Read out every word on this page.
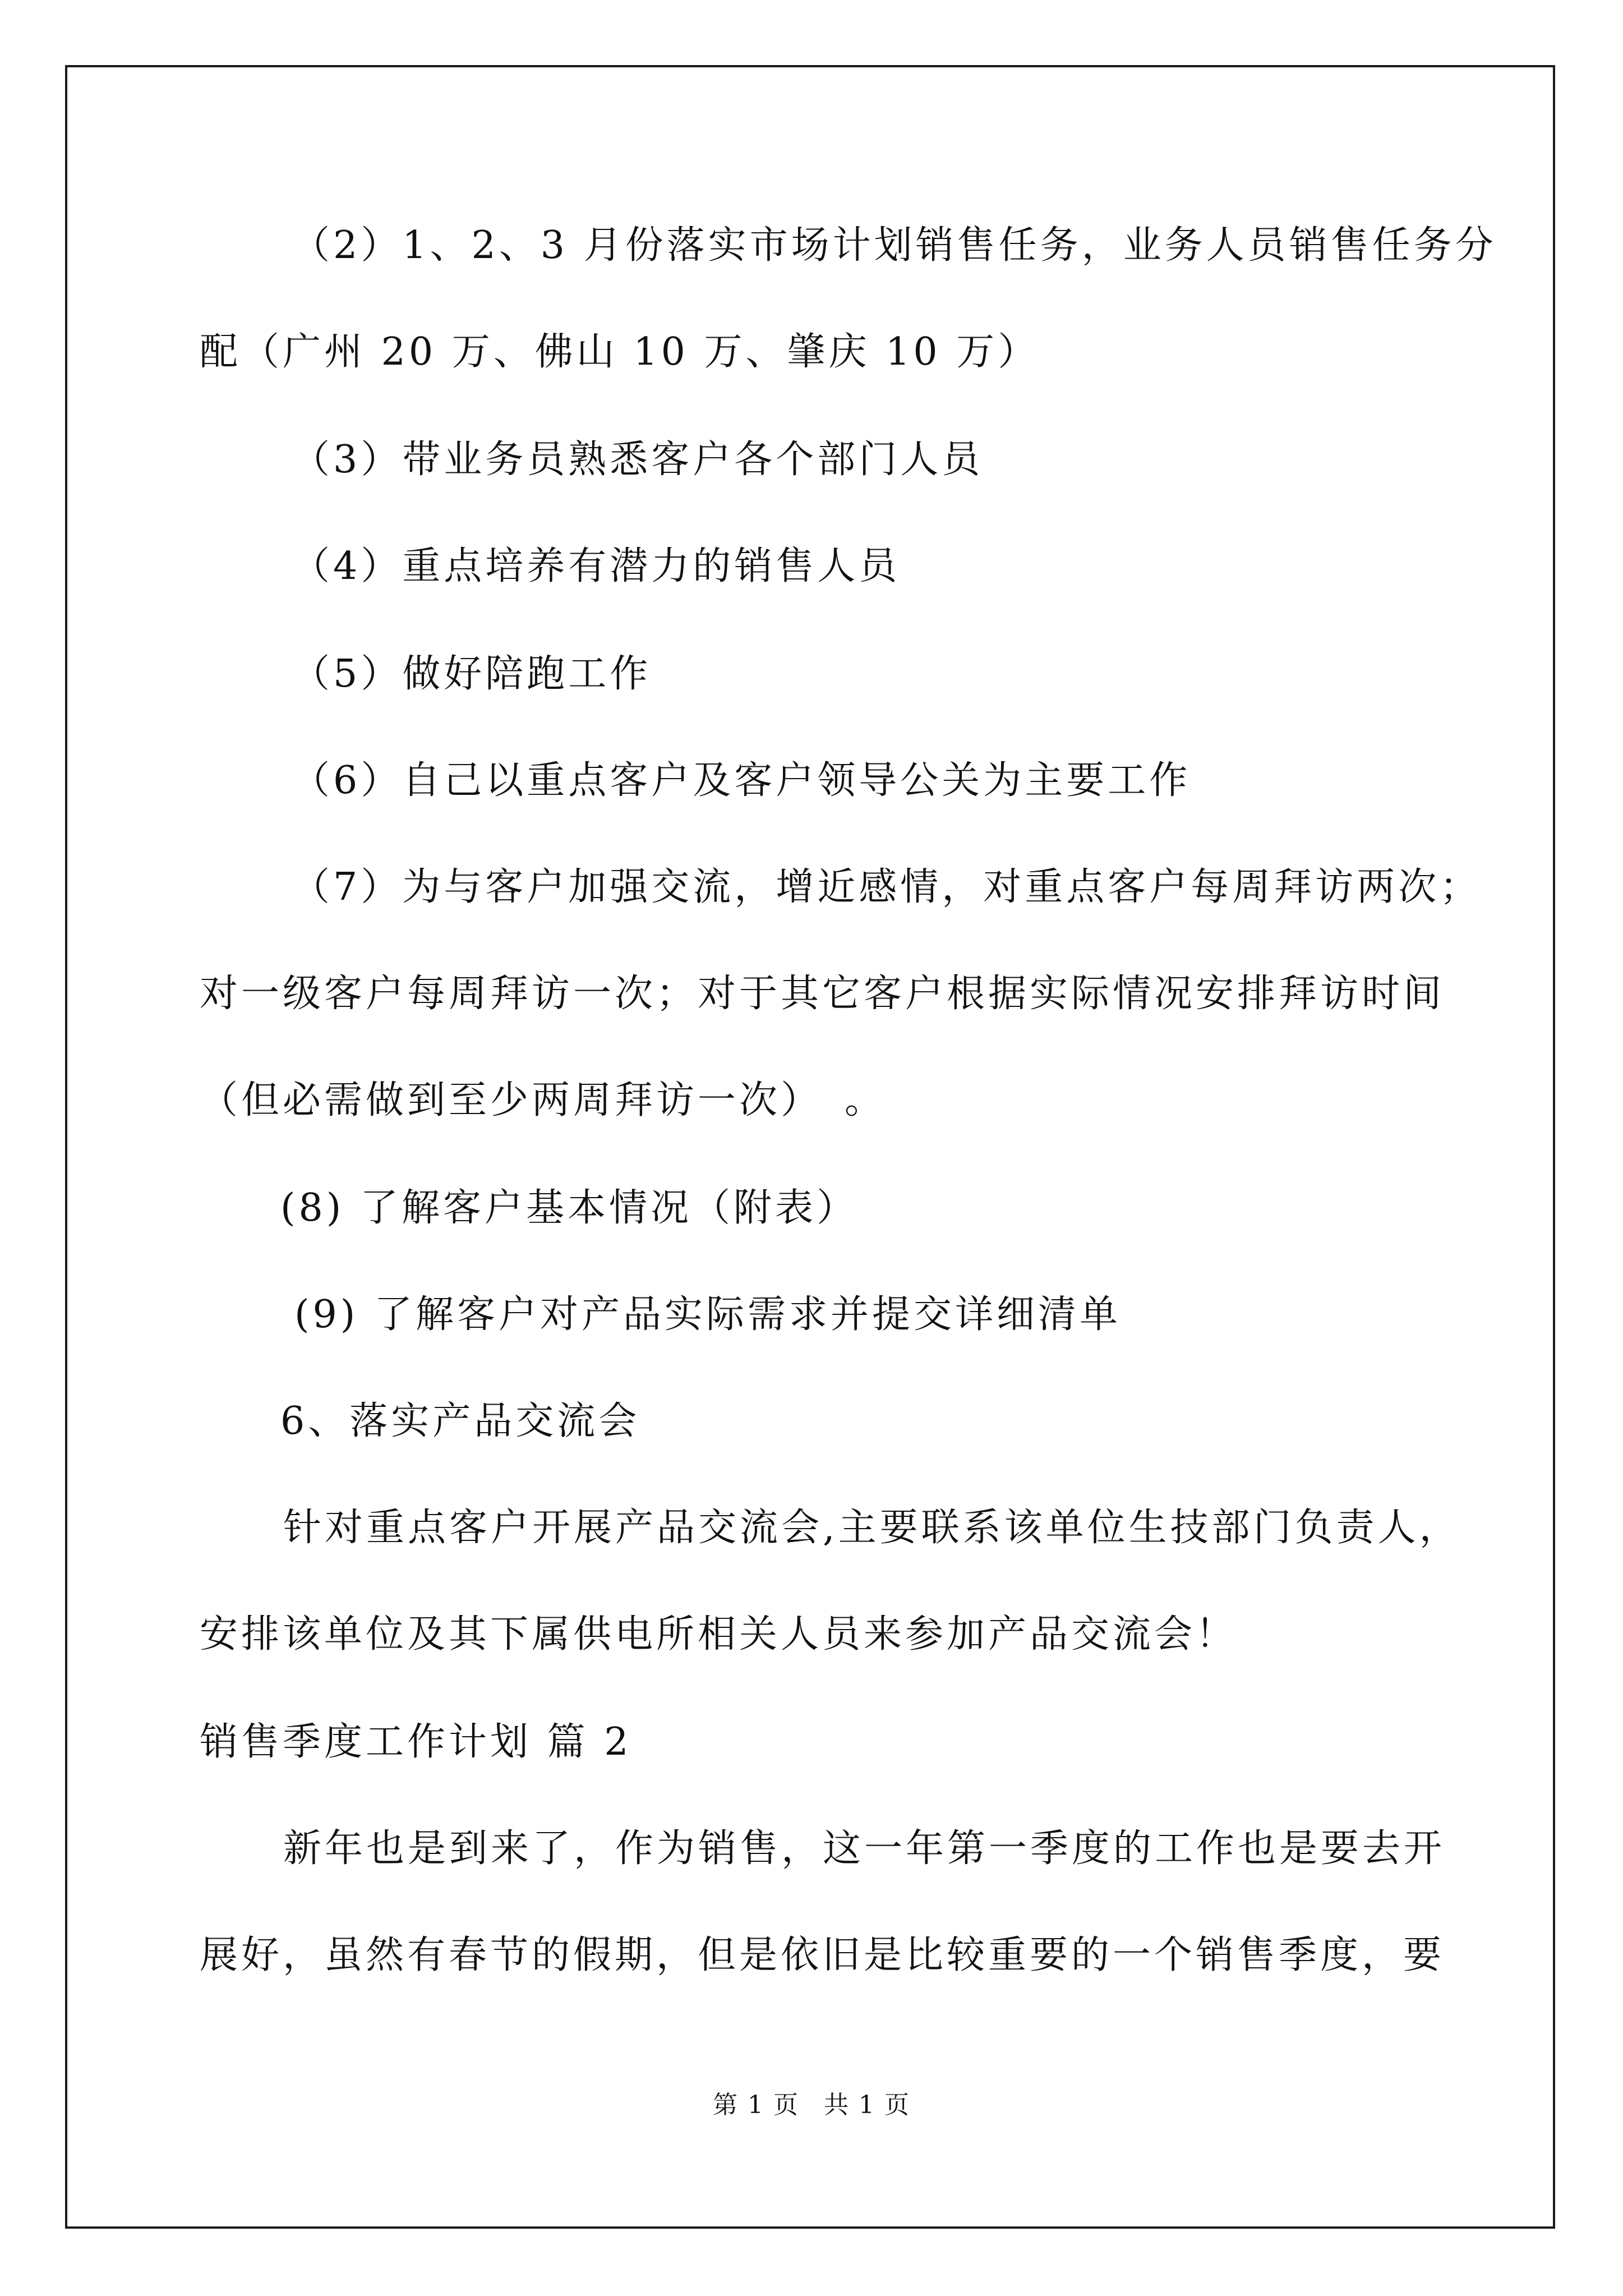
（2）1、2、3 月份落实市场计划销售任务，业务人员销售任务分
配（广州 20 万、佛山 10 万、肇庆 10 万）
（3）带业务员熟悉客户各个部门人员
（4）重点培养有潜力的销售人员
（5）做好陪跑工作
（6）自己以重点客户及客户领导公关为主要工作
（7）为与客户加强交流，增近感情，对重点客户每周拜访两次；
对一级客户每周拜访一次；对于其它客户根据实际情况安排拜访时间
（但必需做到至少两周拜访一次）　。
(8) 了解客户基本情况（附表）
(9) 了解客户对产品实际需求并提交详细清单
6、落实产品交流会
针对重点客户开展产品交流会,主要联系该单位生技部门负责人，
安排该单位及其下属供电所相关人员来参加产品交流会！
销售季度工作计划 篇 2
新年也是到来了，作为销售，这一年第一季度的工作也是要去开
展好，虽然有春节的假期，但是依旧是比较重要的一个销售季度，要
第 1 页 共 1 页
